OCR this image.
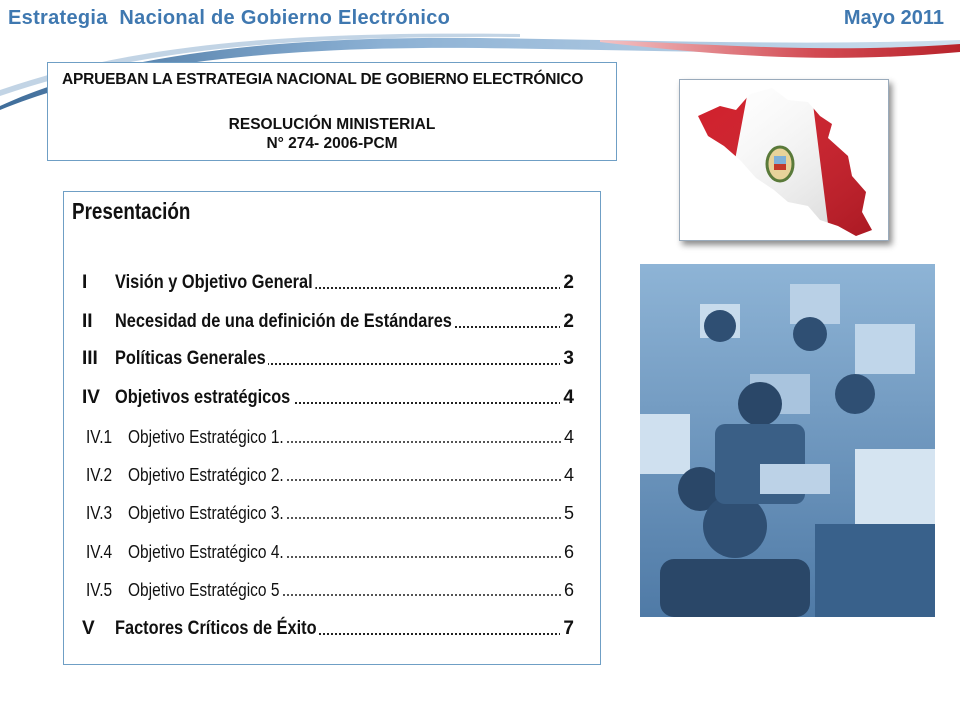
Estrategia  Nacional de Gobierno Electrónico	Mayo 2011
APRUEBAN LA ESTRATEGIA NACIONAL DE GOBIERNO ELECTRÓNICO
RESOLUCIÓN MINISTERIAL
N° 274- 2006-PCM
Presentación
I Visión y Objetivo General	2
II Necesidad de una definición de Estándares	2
III Políticas Generales	3
IV Objetivos estratégicos	4
IV.1 Objetivo Estratégico 1.	4
IV.2 Objetivo Estratégico 2.	4
IV.3 Objetivo Estratégico 3.	5
IV.4 Objetivo Estratégico 4.	6
IV.5 Objetivo Estratégico 5	6
V Factores Críticos de Éxito	7
